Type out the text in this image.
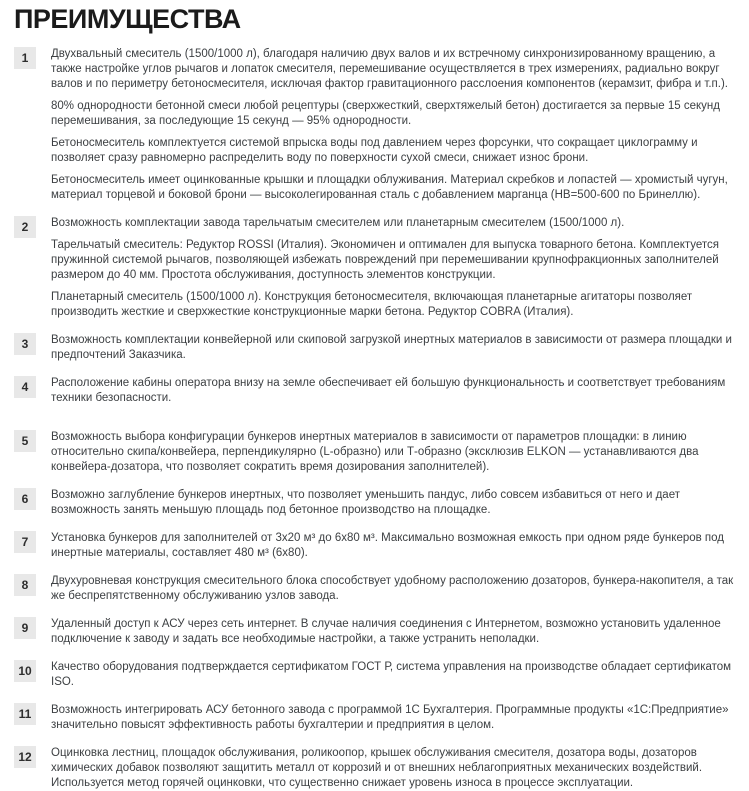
ПРЕИМУЩЕСТВА
1	Двухвальный смеситель (1500/1000 л), благодаря наличию двух валов и их встречному синхронизированному вращению, а также настройке углов рычагов и лопаток смесителя, перемешивание осуществляется в трех измерениях, радиально вокруг валов и по периметру бетоносмесителя, исключая фактор гравитационного расслоения компонентов (керамзит, фибра и т.п.).

80% однородности бетонной смеси любой рецептуры (сверхжесткий, сверхтяжелый бетон) достигается за первые 15 секунд перемешивания, за последующие 15 секунд — 95% однородности.

Бетоносмеситель комплектуется системой впрыска воды под давлением через форсунки, что сокращает циклограмму и позволяет сразу равномерно распределить воду по поверхности сухой смеси, снижает износ брони.

Бетоносмеситель имеет оцинкованные крышки и площадки облуживания. Материал скребков и лопастей — хромистый чугун, материал торцевой и боковой брони — высоколегированная сталь с добавлением марганца (НВ=500-600 по Бринеллю).

2	Возможность комплектации завода тарельчатым смесителем или планетарным смесителем (1500/1000 л).

Тарельчатый смеситель: Редуктор ROSSI (Италия). Экономичен и оптимален для выпуска товарного бетона. Комплектуется пружинной системой рычагов, позволяющей избежать повреждений при перемешивании крупнофракционных заполнителей размером до 40 мм. Простота обслуживания, доступность элементов конструкции.

Планетарный смеситель (1500/1000 л). Конструкция бетоносмесителя, включающая планетарные агитаторы позволяет производить жесткие и сверхжесткие конструкционные марки бетона. Редуктор COBRA (Италия).

3	Возможность комплектации конвейерной или скиповой загрузкой инертных материалов в зависимости от размера площадки и предпочтений Заказчика.

4	Расположение кабины оператора внизу на земле обеспечивает ей большую функциональность и соответствует требованиям техники безопасности.

5	Возможность выбора конфигурации бункеров инертных материалов в зависимости от параметров площадки: в линию относительно скипа/конвейера, перпендикулярно (L-образно) или Т-образно (эксклюзив ELKON — устанавливаются два конвейера-дозатора, что позволяет сократить время дозирования заполнителей).

6	Возможно заглубление бункеров инертных, что позволяет уменьшить пандус, либо совсем избавиться от него и дает возможность занять меньшую площадь под бетонное производство на площадке.

7	Установка бункеров для заполнителей от 3х20 м³ до 6х80 м³. Максимально возможная емкость при одном ряде бункеров под инертные материалы, составляет 480 м³ (6х80).

8	Двухуровневая конструкция смесительного блока способствует удобному расположению дозаторов, бункера-накопителя, а так же беспрепятственному обслуживанию узлов завода.

9	Удаленный доступ к АСУ через сеть интернет. В случае наличия соединения с Интернетом, возможно установить удаленное подключение к заводу и задать все необходимые настройки, а также устранить неполадки.

10	Качество оборудования подтверждается сертификатом ГОСТ Р, система управления на производстве обладает сертификатом ISO.

11	Возможность интегрировать АСУ бетонного завода с программой 1С Бухгалтерия. Программные продукты «1С:Предприятие» значительно повысят эффективность работы бухгалтерии и предприятия в целом.

12	Оцинковка лестниц, площадок обслуживания, роликоопор, крышек обслуживания смесителя, дозатора воды, дозаторов химических добавок позволяют защитить металл от коррозий и от внешних неблагоприятных механических воздействий. Используется метод горячей оцинковки, что существенно снижает уровень износа в процессе эксплуатации.
